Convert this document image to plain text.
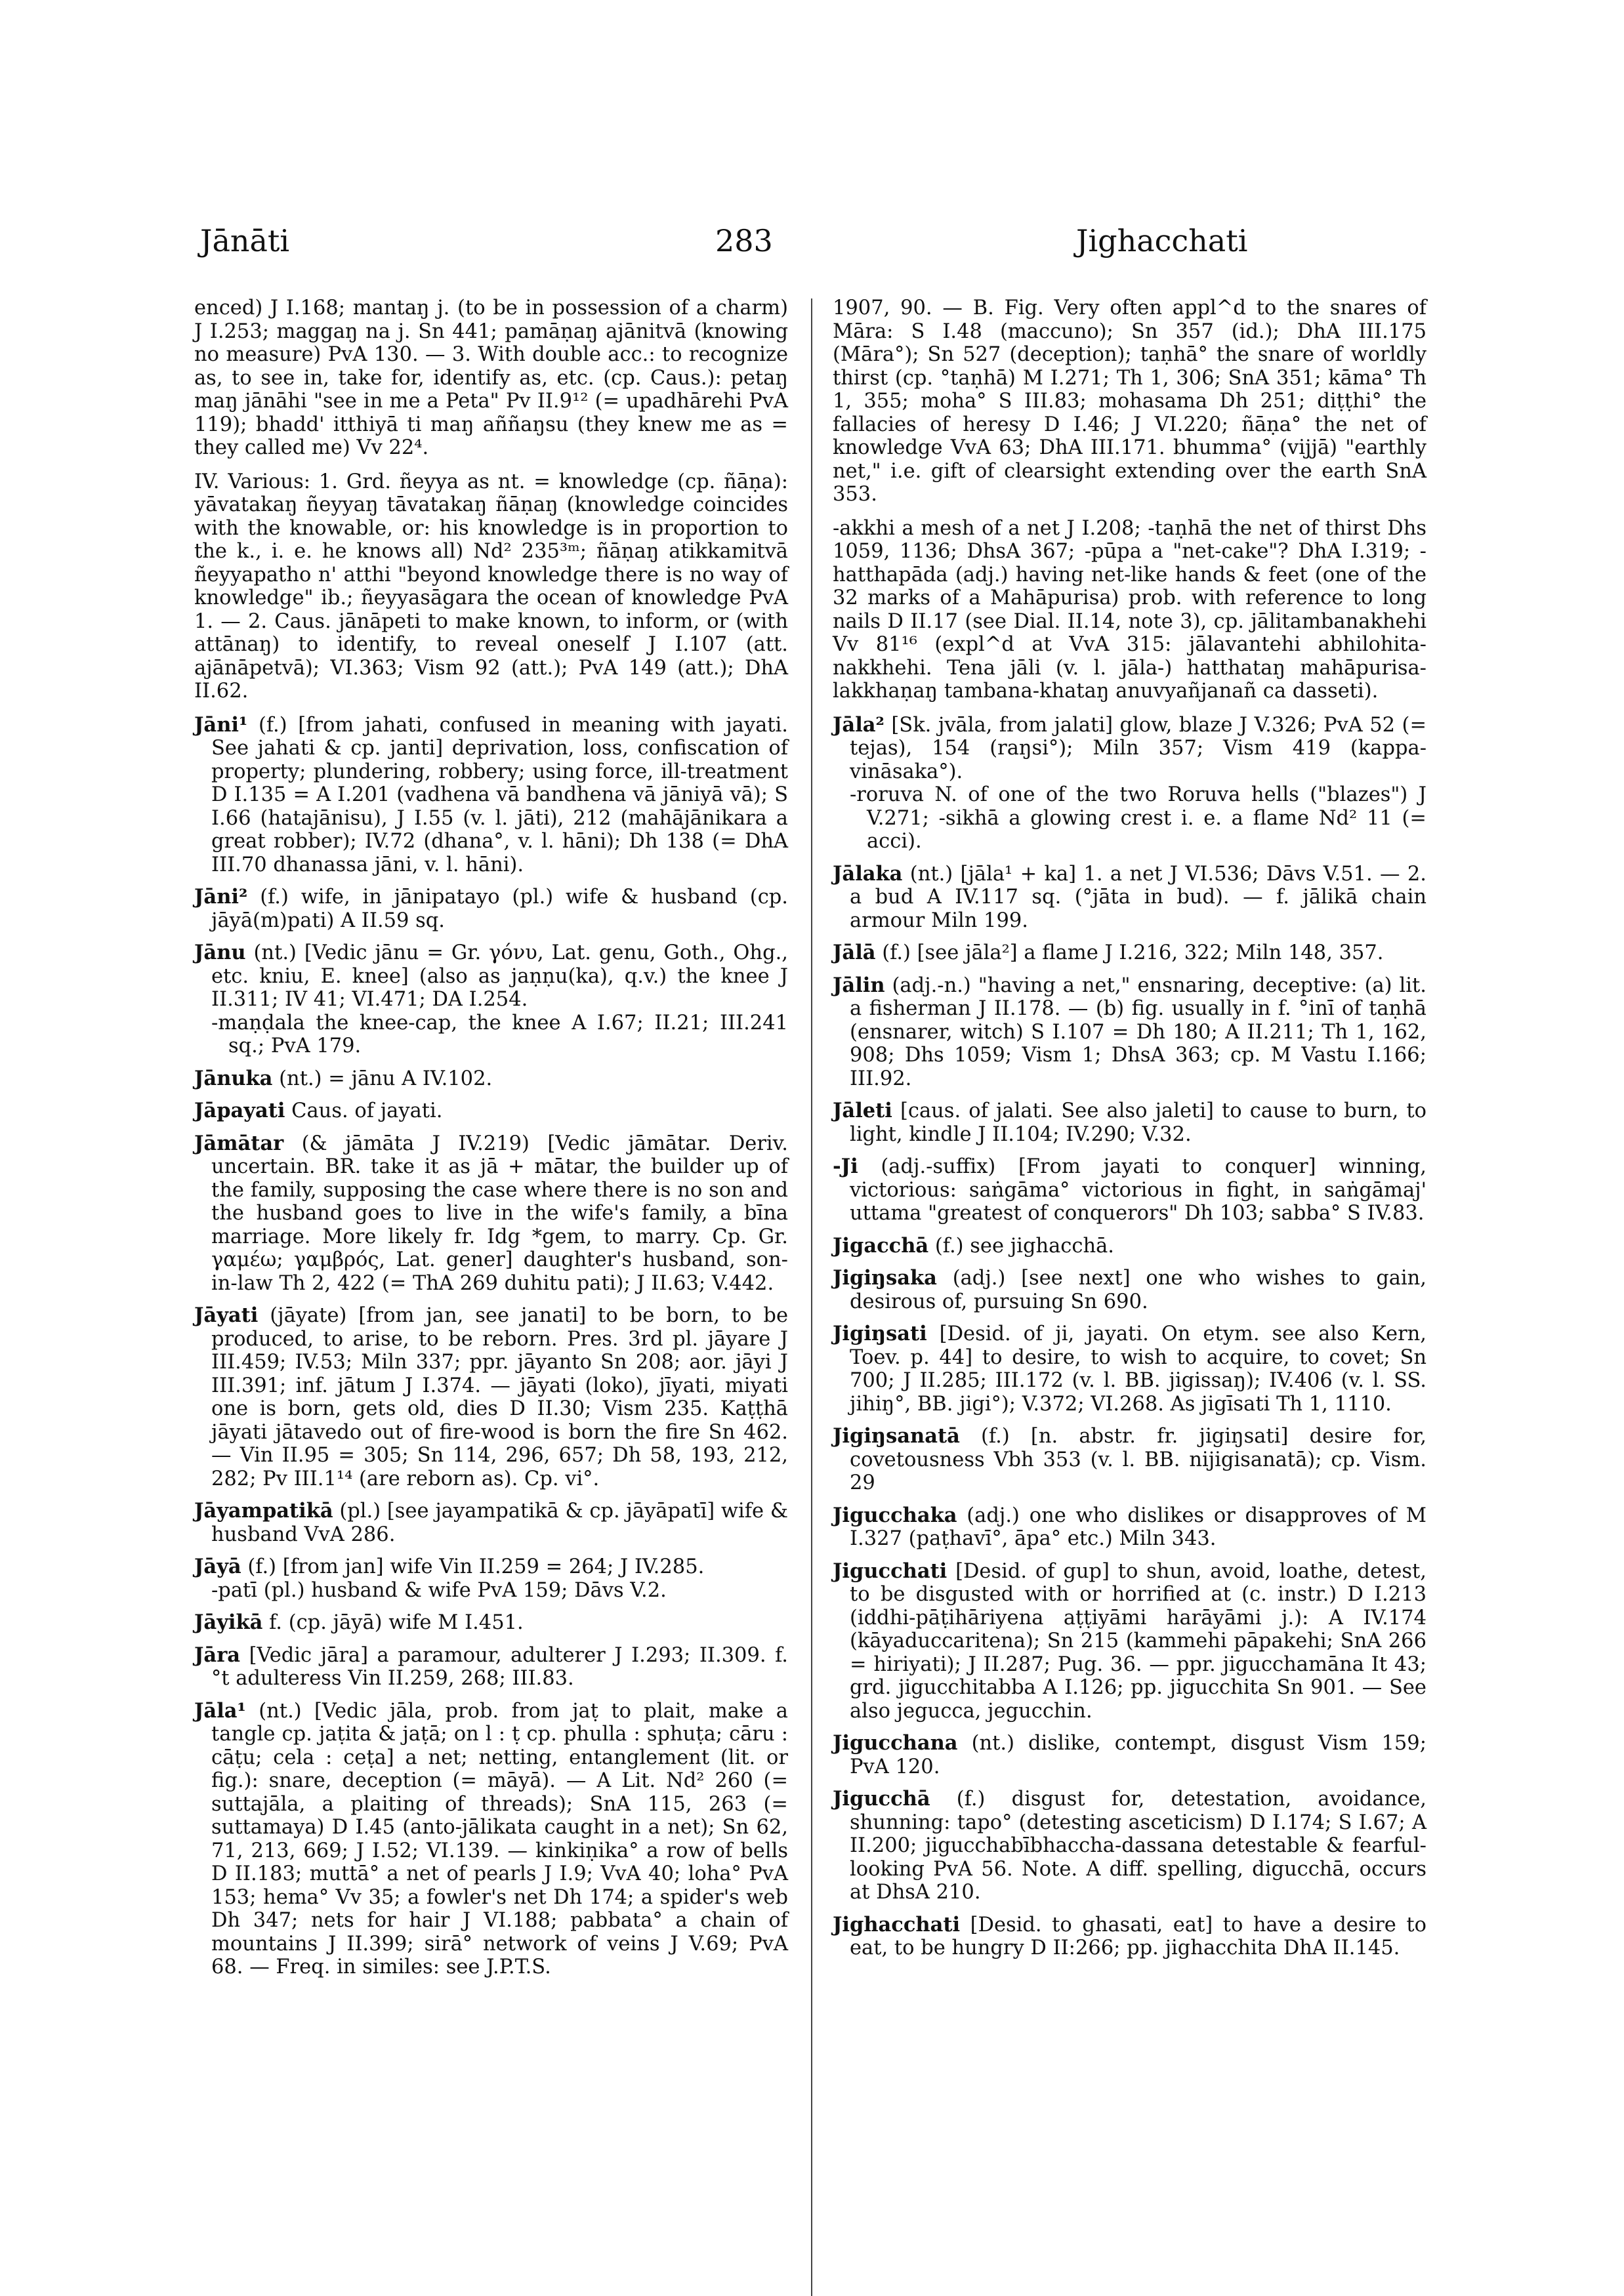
Jānāti	283	Jighacchati
enced) J I.168; mantaŋ j. (to be in possession of a charm) J I.253; maggaŋ na j. Sn 441; pamāṇaŋ ajānitvā (knowing no measure) PvA 130. — 3. With double acc.: to recognize as, to see in, take for, identify as, etc. (cp. Caus.): petaŋ maŋ jānāhi "see in me a Peta" Pv II.9¹² (= upadhārehi PvA 119); bhadd' itthiyā ti maŋ aññaŋsu (they knew me as = they called me) Vv 22⁴.
IV. Various: 1. Grd. ñeyya as nt. = knowledge (cp. ñāṇa): yāvatakaŋ ñeyyaŋ tāvatakaŋ ñāṇaŋ (knowledge coincides with the knowable, or: his knowledge is in proportion to the k., i. e. he knows all) Nd² 235³ᵐ; ñāṇaŋ atikkamitvā ñeyyapatho n' atthi "beyond knowledge there is no way of knowledge" ib.; ñeyyasāgara the ocean of knowledge PvA 1. — 2. Caus. jānāpeti to make known, to inform, or (with attānaŋ) to identify, to reveal oneself J I.107 (att. ajānāpetvā); VI.363; Vism 92 (att.); PvA 149 (att.); DhA II.62.
Jāni¹ (f.) [from jahati, confused in meaning with jayati. See jahati & cp. janti] deprivation, loss, confiscation of property; plundering, robbery; using force, ill-treatment D I.135 = A I.201 (vadhena vā bandhena vā jāniyā vā); S I.66 (hatajānisu), J I.55 (v. l. jāti), 212 (mahājānikara a great robber); IV.72 (dhana°, v. l. hāni); Dh 138 (= DhA III.70 dhanassa jāni, v. l. hāni).
Jāni² (f.) wife, in jānipatayo (pl.) wife & husband (cp. jāyā(m)pati) A II.59 sq.
Jānu (nt.) [Vedic jānu = Gr. γόνυ, Lat. genu, Goth., Ohg., etc. kniu, E. knee] (also as jaṇṇu(ka), q.v.) the knee J II.311; IV 41; VI.471; DA I.254.
-maṇḍala the knee-cap, the knee A I.67; II.21; III.241 sq.; PvA 179.
Jānuka (nt.) = jānu A IV.102.
Jāpayati Caus. of jayati.
Jāmātar (& jāmāta J IV.219) [Vedic jāmātar. Deriv. uncertain. BR. take it as jā + mātar, the builder up of the family, supposing the case where there is no son and the husband goes to live in the wife's family, a bīna marriage. More likely fr. Idg *gem, to marry. Cp. Gr. γαμέω; γαμβρός, Lat. gener] daughter's husband, son-in-law Th 2, 422 (= ThA 269 duhitu pati); J II.63; V.442.
Jāyati (jāyate) [from jan, see janati] to be born, to be produced, to arise, to be reborn. Pres. 3rd pl. jāyare J III.459; IV.53; Miln 337; ppr. jāyanto Sn 208; aor. jāyi J III.391; inf. jātum J I.374. — jāyati (loko), jīyati, miyati one is born, gets old, dies D II.30; Vism 235. Kaṭṭhā jāyati jātavedo out of fire-wood is born the fire Sn 462. — Vin II.95 = 305; Sn 114, 296, 657; Dh 58, 193, 212, 282; Pv III.1¹⁴ (are reborn as). Cp. vi°.
Jāyampatikā (pl.) [see jayampatikā & cp. jāyāpatī] wife & husband VvA 286.
Jāyā (f.) [from jan] wife Vin II.259 = 264; J IV.285.
-patī (pl.) husband & wife PvA 159; Dāvs V.2.
Jāyikā f. (cp. jāyā) wife M I.451.
Jāra [Vedic jāra] a paramour, adulterer J I.293; II.309. f. °t adulteress Vin II.259, 268; III.83.
Jāla¹ (nt.) [Vedic jāla, prob. from jaṭ to plait, make a tangle cp. jaṭita & jaṭā; on l : ṭ cp. phulla : sphuṭa; cāru : cāṭu; cela : ceṭa] a net; netting, entanglement (lit. or fig.): snare, deception (= māyā). — A Lit. Nd² 260 (= suttajāla, a plaiting of threads); SnA 115, 263 (= suttamaya) D I.45 (anto-jālikata caught in a net); Sn 62, 71, 213, 669; J I.52; VI.139. — kinkiṇika° a row of bells D II.183; muttā° a net of pearls J I.9; VvA 40; loha° PvA 153; hema° Vv 35; a fowler's net Dh 174; a spider's web Dh 347; nets for hair J VI.188; pabbata° a chain of mountains J II.399; sirā° network of veins J V.69; PvA 68. — Freq. in similes: see J.P.T.S.
1907, 90. — B. Fig. Very often appl^d to the snares of Māra: S I.48 (maccuno); Sn 357 (id.); DhA III.175 (Māra°); Sn 527 (deception); taṇhā° the snare of worldly thirst (cp. °taṇhā) M I.271; Th 1, 306; SnA 351; kāma° Th 1, 355; moha° S III.83; mohasama Dh 251; diṭṭhi° the fallacies of heresy D I.46; J VI.220; ñāṇa° the net of knowledge VvA 63; DhA III.171. bhumma° (vijjā) "earthly net," i.e. gift of clearsight extending over the earth SnA 353.
-akkhi a mesh of a net J I.208; -taṇhā the net of thirst Dhs 1059, 1136; DhsA 367; -pūpa a "net-cake"? DhA I.319; -hatthapāda (adj.) having net-like hands & feet (one of the 32 marks of a Mahāpurisa) prob. with reference to long nails D II.17 (see Dial. II.14, note 3), cp. jālitambanakhehi Vv 81¹⁶ (expl^d at VvA 315: jālavantehi abhilohita-nakkhehi. Tena jāli (v. l. jāla-) hatthataŋ mahāpurisa-lakkhaṇaŋ tambana-khataŋ anuvyañjanañ ca dasseti).
Jāla² [Sk. jvāla, from jalati] glow, blaze J V.326; PvA 52 (= tejas), 154 (raŋsi°); Miln 357; Vism 419 (kappa-vināsaka°).
-roruva N. of one of the two Roruva hells ("blazes") J V.271; -sikhā a glowing crest i. e. a flame Nd² 11 (= acci).
Jālaka (nt.) [jāla¹ + ka] 1. a net J VI.536; Dāvs V.51. — 2. a bud A IV.117 sq. (°jāta in bud). — f. jālikā chain armour Miln 199.
Jālā (f.) [see jāla²] a flame J I.216, 322; Miln 148, 357.
Jālin (adj.-n.) "having a net," ensnaring, deceptive: (a) lit. a fisherman J II.178. — (b) fig. usually in f. °inī of taṇhā (ensnarer, witch) S I.107 = Dh 180; A II.211; Th 1, 162, 908; Dhs 1059; Vism 1; DhsA 363; cp. M Vastu I.166; III.92.
Jāleti [caus. of jalati. See also jaleti] to cause to burn, to light, kindle J II.104; IV.290; V.32.
-Ji (adj.-suffix) [From jayati to conquer] winning, victorious: saṅgāma° victorious in fight, in saṅgāmaj' uttama "greatest of conquerors" Dh 103; sabba° S IV.83.
Jigacchā (f.) see jighacchā.
Jigiŋsaka (adj.) [see next] one who wishes to gain, desirous of, pursuing Sn 690.
Jigiŋsati [Desid. of ji, jayati. On etym. see also Kern, Toev. p. 44] to desire, to wish to acquire, to covet; Sn 700; J II.285; III.172 (v. l. BB. jigissaŋ); IV.406 (v. l. SS. jihiŋ°, BB. jigi°); V.372; VI.268. As jigīsati Th 1, 1110.
Jigiŋsanatā (f.) [n. abstr. fr. jigiŋsati] desire for, covetousness Vbh 353 (v. l. BB. nijigisanatā); cp. Vism. 29
Jigucchaka (adj.) one who dislikes or disapproves of M I.327 (paṭhavī°, āpa° etc.) Miln 343.
Jigucchati [Desid. of gup] to shun, avoid, loathe, detest, to be disgusted with or horrified at (c. instr.) D I.213 (iddhi-pāṭihāriyena aṭṭiyāmi harāyāmi j.): A IV.174 (kāyaduccaritena); Sn 215 (kammehi pāpakehi; SnA 266 = hiriyati); J II.287; Pug. 36. — ppr. jigucchamāna It 43; grd. jigucchitabba A I.126; pp. jigucchita Sn 901. — See also jegucca, jegucchin.
Jigucchana (nt.) dislike, contempt, disgust Vism 159; PvA 120.
Jigucchā (f.) disgust for, detestation, avoidance, shunning: tapo° (detesting asceticism) D I.174; S I.67; A II.200; jigucchabībhaccha-dassana detestable & fearful-looking PvA 56. Note. A diff. spelling, digucchā, occurs at DhsA 210.
Jighacchati [Desid. to ghasati, eat] to have a desire to eat, to be hungry D II:266; pp. jighacchita DhA II.145.
